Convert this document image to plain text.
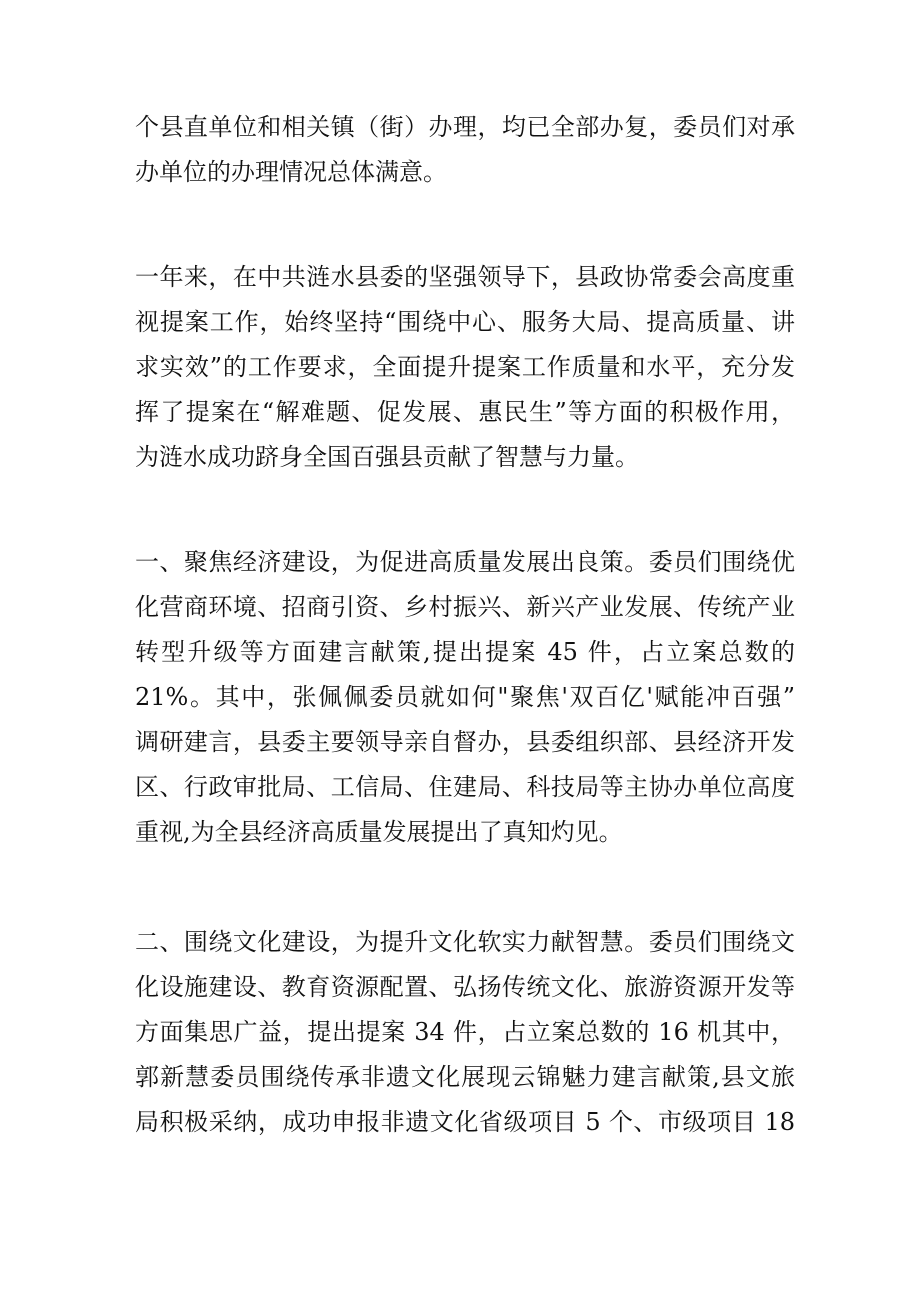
个县直单位和相关镇（街）办理，均已全部办复，委员们对承
办单位的办理情况总体满意。
一年来，在中共涟水县委的坚强领导下，县政协常委会高度重
视提案工作，始终坚持“围绕中心、服务大局、提高质量、讲
求实效”的工作要求，全面提升提案工作质量和水平，充分发
挥了提案在“解难题、促发展、惠民生”等方面的积极作用，
为涟水成功跻身全国百强县贡献了智慧与力量。
一、聚焦经济建设，为促进高质量发展出良策。委员们围绕优
化营商环境、招商引资、乡村振兴、新兴产业发展、传统产业
转型升级等方面建言献策,提出提案 45 件，占立案总数的
21%。其中，张佩佩委员就如何"聚焦'双百亿'赋能冲百强”
调研建言，县委主要领导亲自督办，县委组织部、县经济开发
区、行政审批局、工信局、住建局、科技局等主协办单位高度
重视,为全县经济高质量发展提出了真知灼见。
二、围绕文化建设，为提升文化软实力献智慧。委员们围绕文
化设施建设、教育资源配置、弘扬传统文化、旅游资源开发等
方面集思广益，提出提案 34 件，占立案总数的 16 机其中，
郭新慧委员围绕传承非遗文化展现云锦魅力建言献策,县文旅
局积极采纳，成功申报非遗文化省级项目 5 个、市级项目 18
